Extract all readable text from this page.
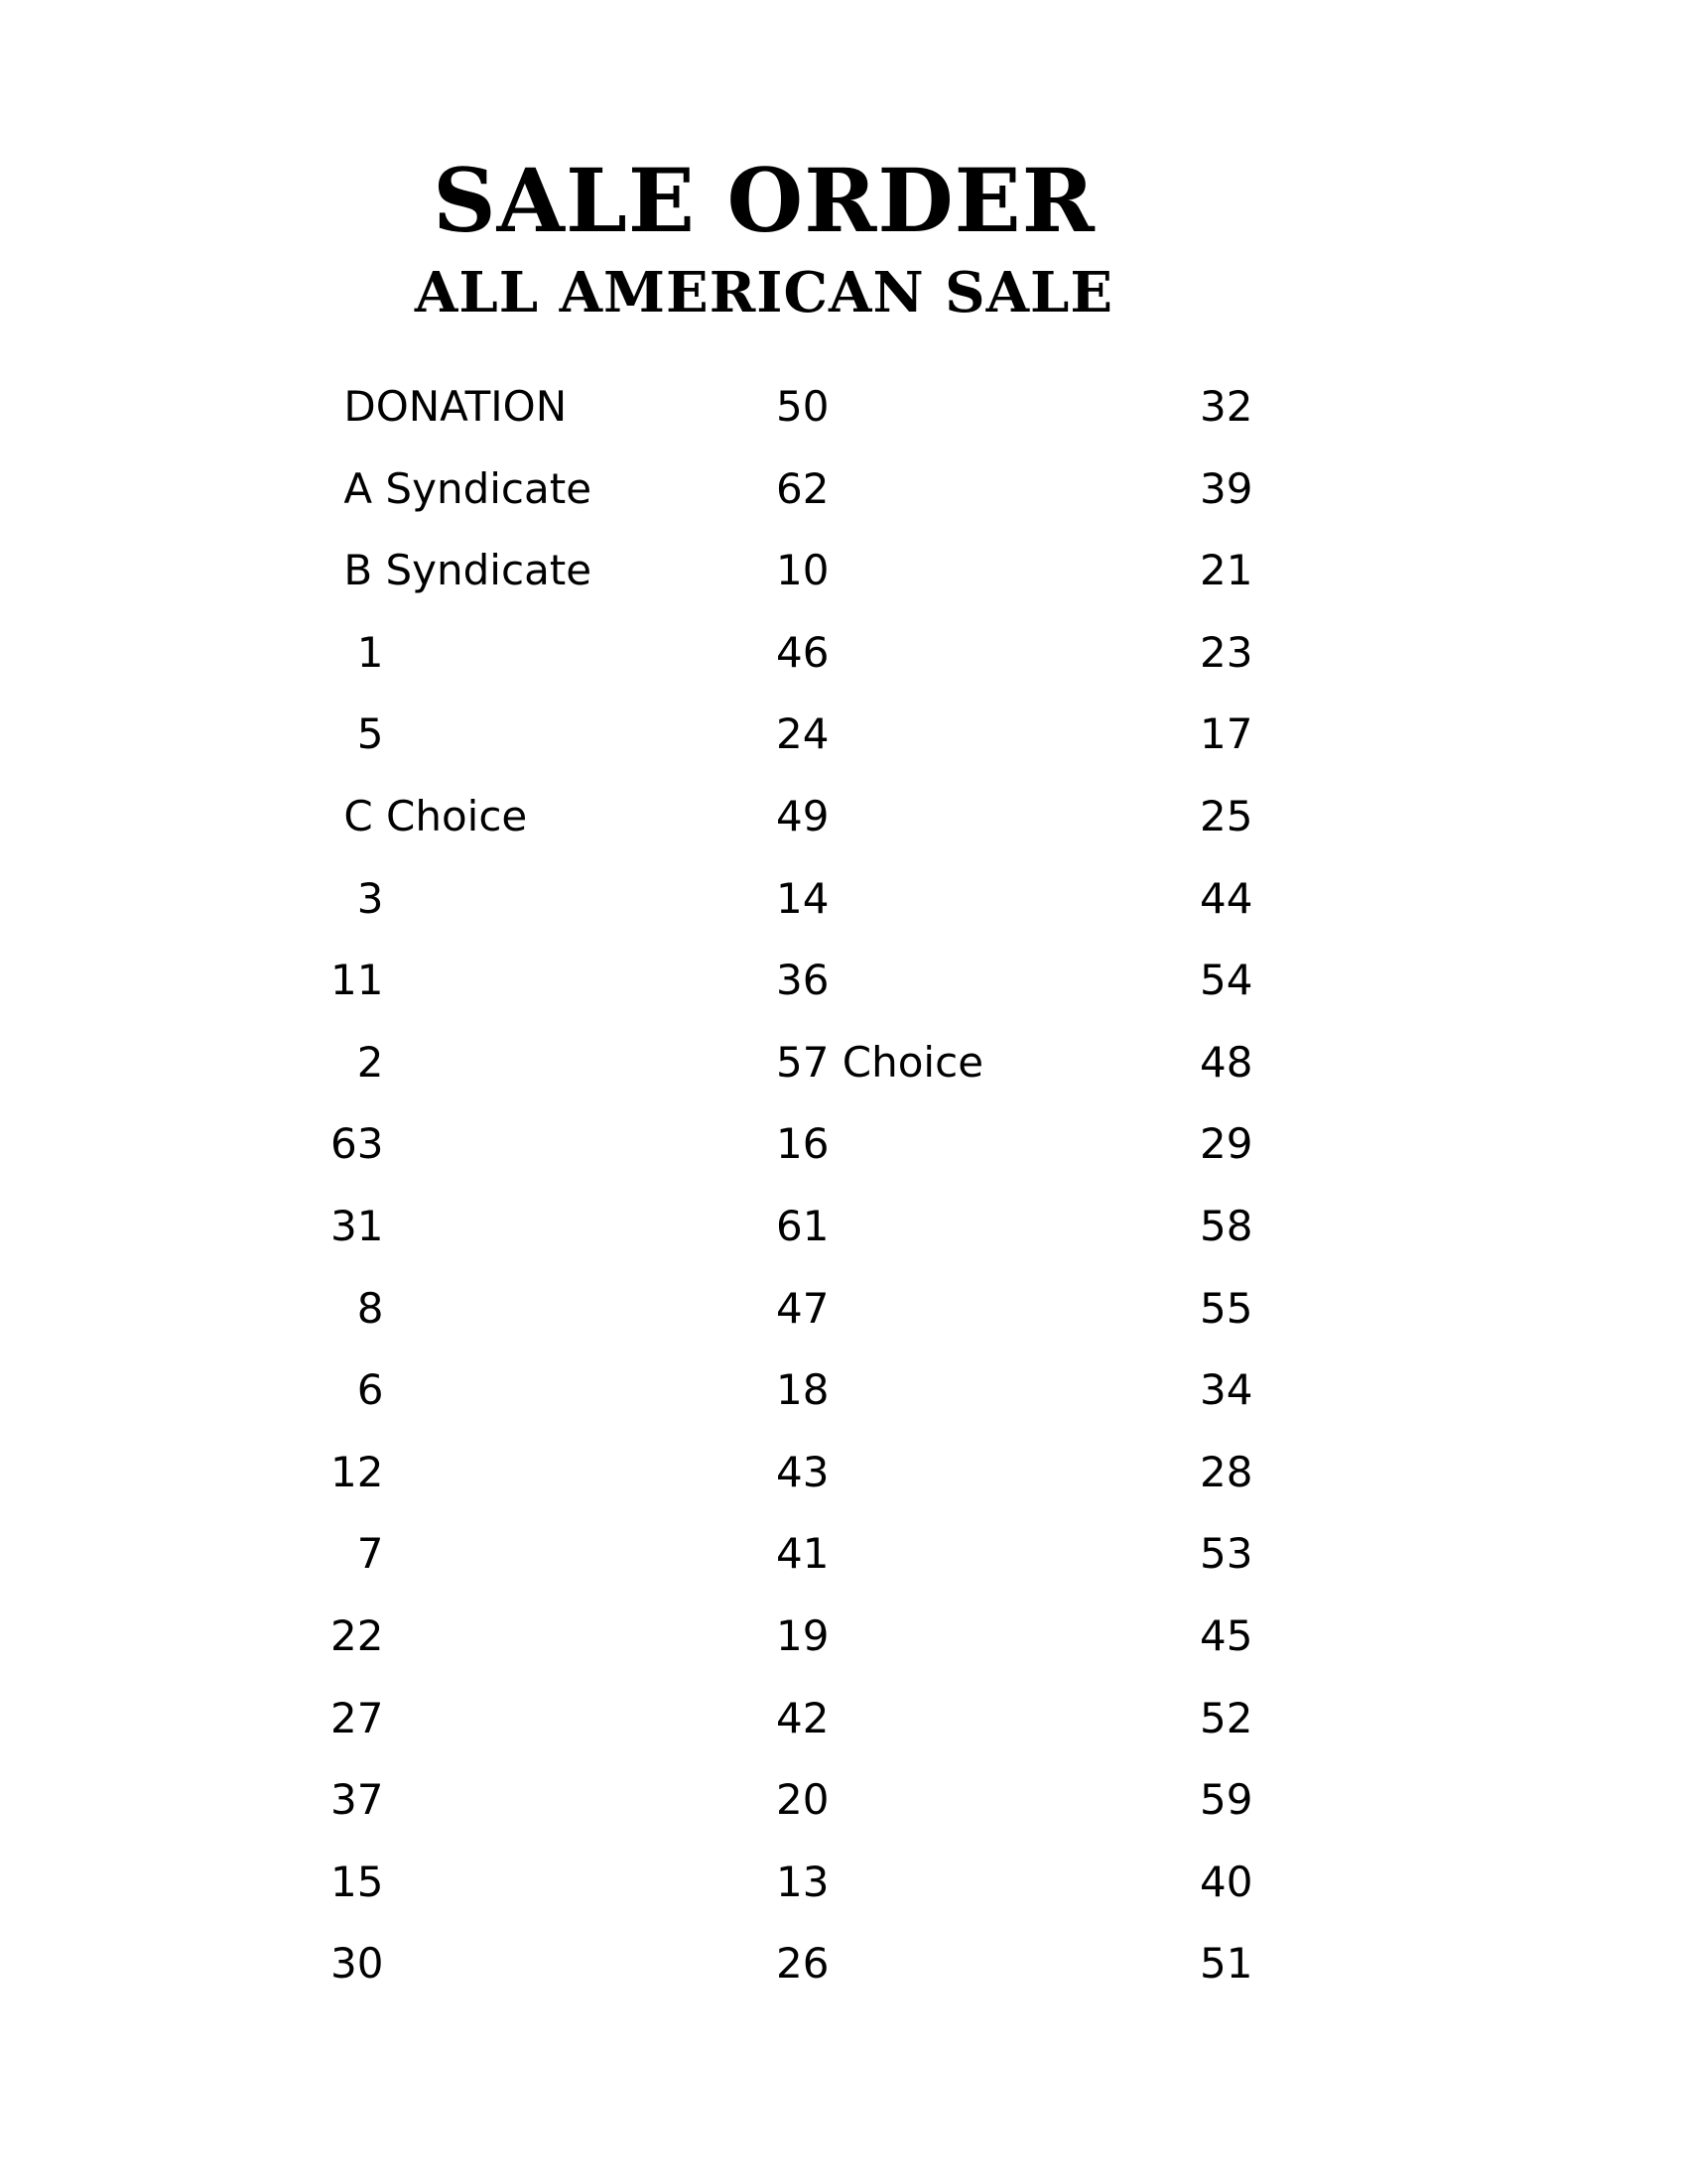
SALE ORDER
ALL AMERICAN SALE
DONATION
A Syndicate
B Syndicate
1
5
C Choice
3
11
2
63
31
8
6
12
7
22
27
37
15
30
50
62
10
46
24
49
14
36
57 Choice
16
61
47
18
43
41
19
42
20
13
26
32
39
21
23
17
25
44
54
48
29
58
55
34
28
53
45
52
59
40
51
